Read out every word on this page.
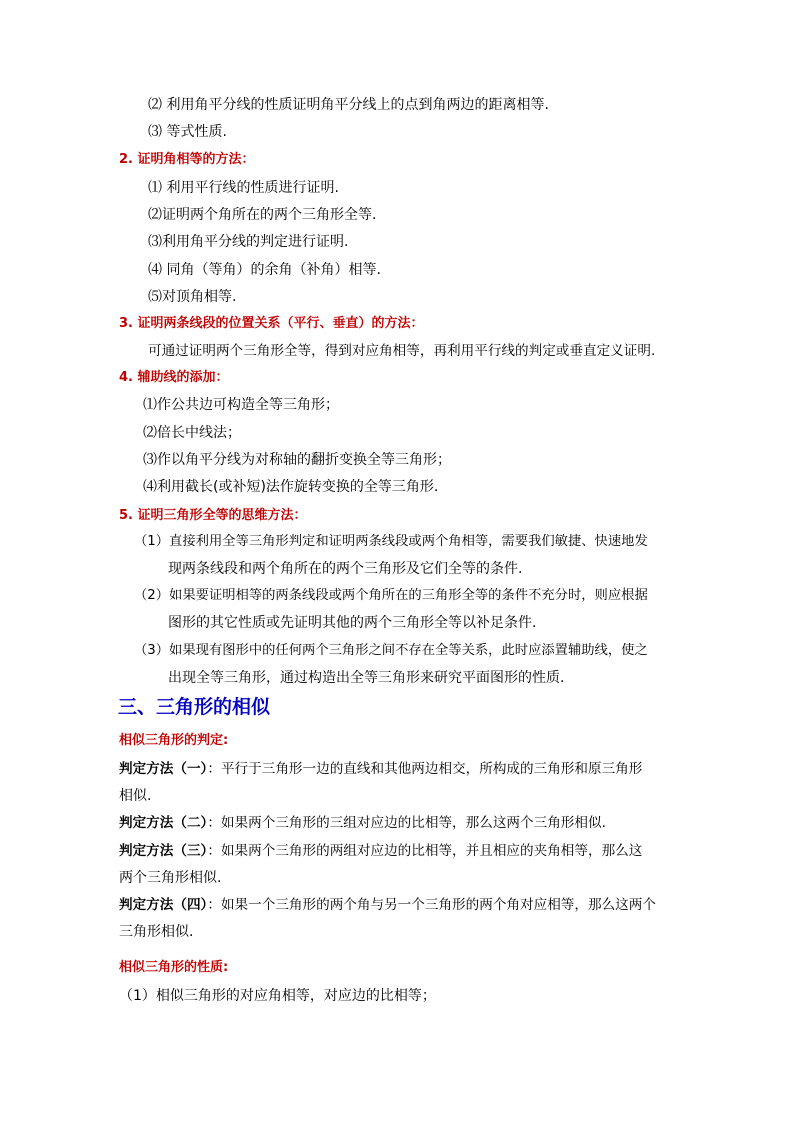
⑵ 利用角平分线的性质证明角平分线上的点到角两边的距离相等.
⑶ 等式性质.
2. 证明角相等的方法：
⑴ 利用平行线的性质进行证明.
⑵证明两个角所在的两个三角形全等.
⑶利用角平分线的判定进行证明.
⑷ 同角（等角）的余角（补角）相等.
⑸对顶角相等.
3. 证明两条线段的位置关系（平行、垂直）的方法：
可通过证明两个三角形全等，得到对应角相等，再利用平行线的判定或垂直定义证明.
4. 辅助线的添加：
⑴作公共边可构造全等三角形；
⑵倍长中线法；
⑶作以角平分线为对称轴的翻折变换全等三角形；
⑷利用截长(或补短)法作旋转变换的全等三角形.
5. 证明三角形全等的思维方法：
（1）直接利用全等三角形判定和证明两条线段或两个角相等，需要我们敏捷、快速地发
现两条线段和两个角所在的两个三角形及它们全等的条件.
（2）如果要证明相等的两条线段或两个角所在的三角形全等的条件不充分时，则应根据
图形的其它性质或先证明其他的两个三角形全等以补足条件.
（3）如果现有图形中的任何两个三角形之间不存在全等关系，此时应添置辅助线，使之
出现全等三角形，通过构造出全等三角形来研究平面图形的性质.
三、三角形的相似
相似三角形的判定:
判定方法（一）：平行于三角形一边的直线和其他两边相交，所构成的三角形和原三角形
相似.
判定方法（二）：如果两个三角形的三组对应边的比相等，那么这两个三角形相似.
判定方法（三）：如果两个三角形的两组对应边的比相等，并且相应的夹角相等，那么这
两个三角形相似.
判定方法（四）：如果一个三角形的两个角与另一个三角形的两个角对应相等，那么这两个
三角形相似.
相似三角形的性质:
（1）相似三角形的对应角相等，对应边的比相等；
